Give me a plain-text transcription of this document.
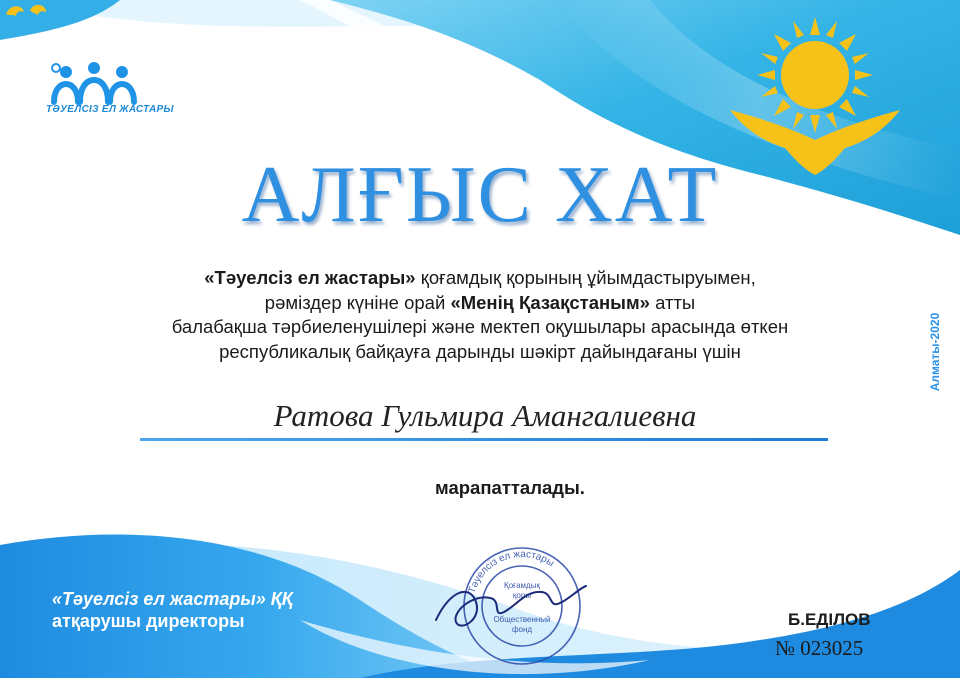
ТӘУЕЛСІЗ ЕЛ ЖАСТАРЫ
АЛҒЫС ХАТ
«Тәуелсіз ел жастары» қоғамдық қорының ұйымдастыруымен,
рәміздер күніне орай «Менің Қазақстаным» атты
балабақша тәрбиеленушілері және мектеп оқушылары арасында өткен
республикалық байқауға дарынды шәкірт дайындағаны үшін
Ратова Гульмира Амангалиевна
марапатталады.
Алматы-2020
«Тәуелсіз ел жастары» ҚҚ
атқарушы директоры
Тәуелсіз ел жастары
Қоғамдық
қоры
Общественный
фонд
Б.ЕДІЛОВ
№ 023025
